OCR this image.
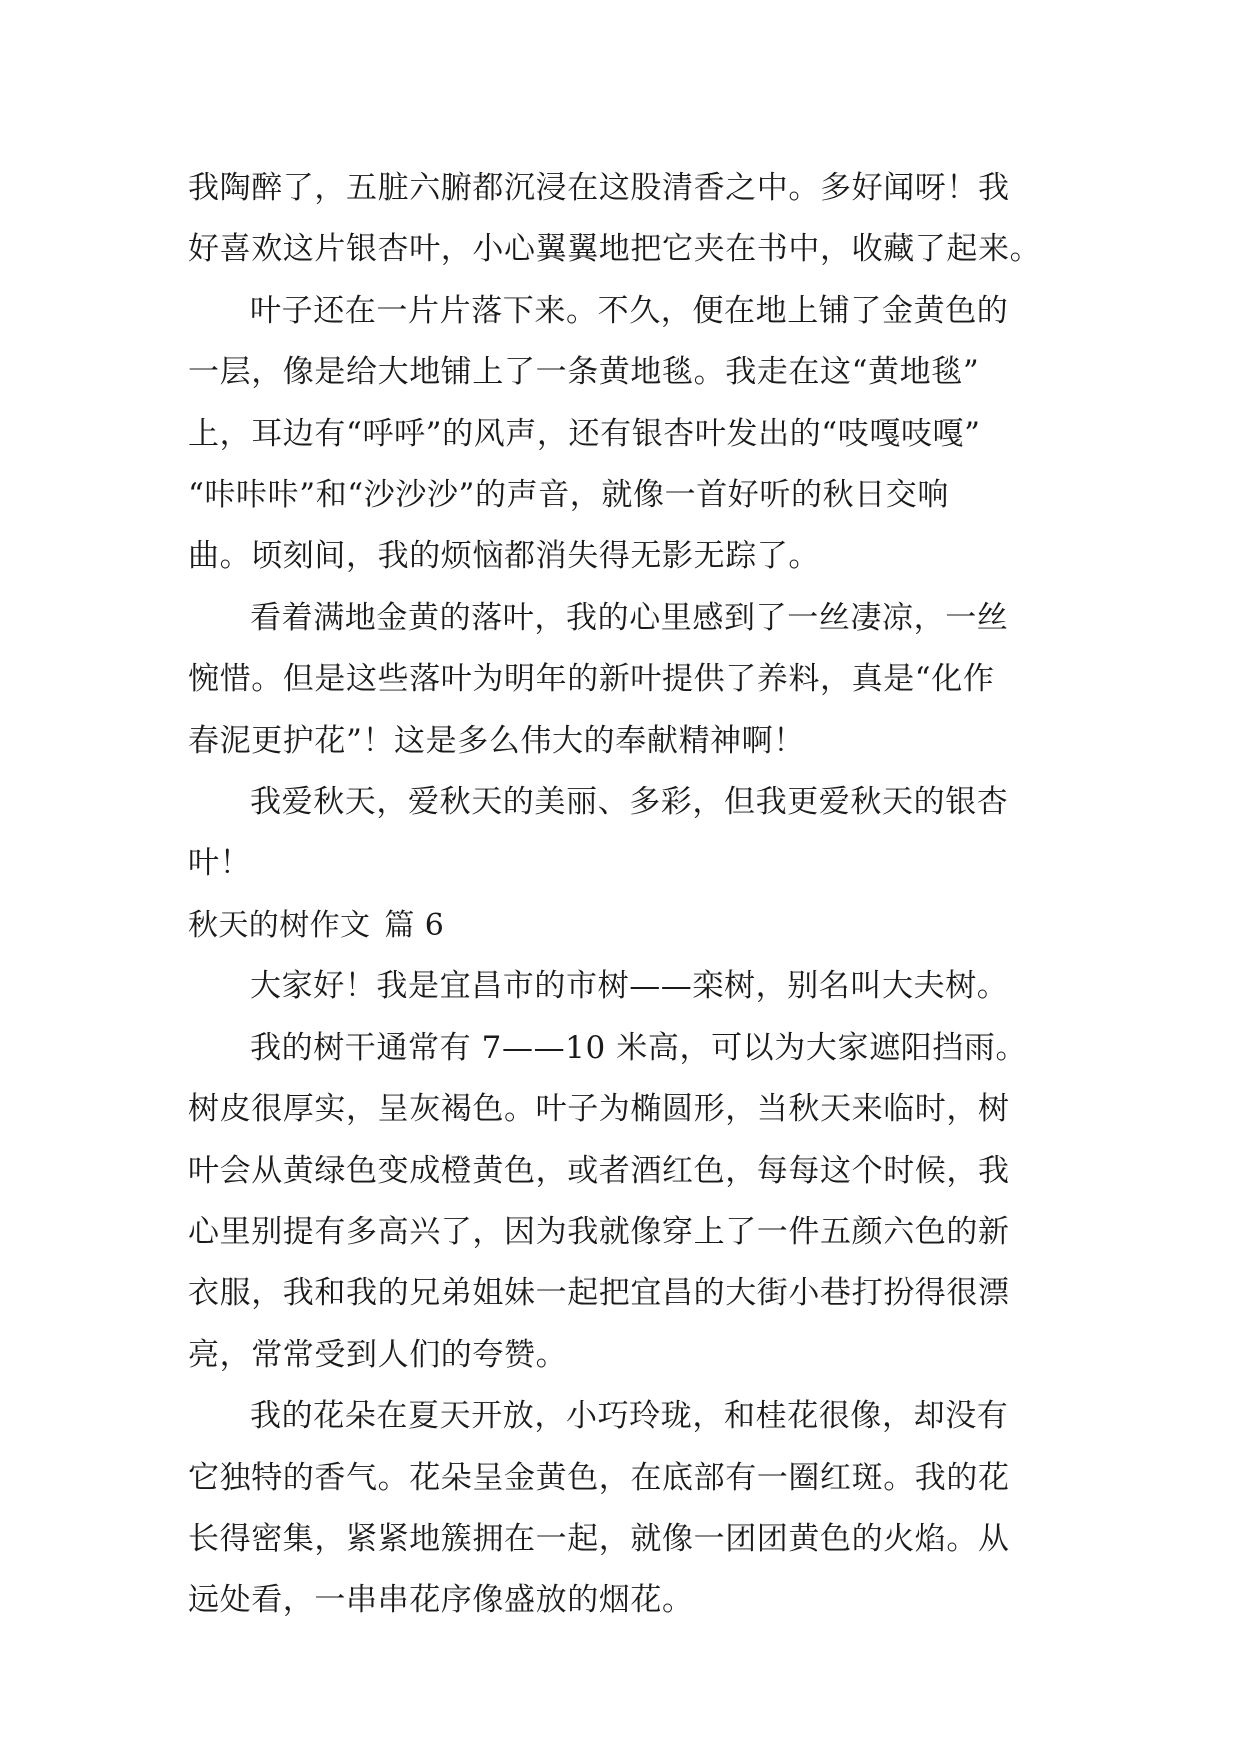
我陶醉了，五脏六腑都沉浸在这股清香之中。多好闻呀！我
好喜欢这片银杏叶，小心翼翼地把它夹在书中，收藏了起来。

叶子还在一片片落下来。不久，便在地上铺了金黄色的
一层，像是给大地铺上了一条黄地毯。我走在这“黄地毯”
上，耳边有“呼呼”的风声，还有银杏叶发出的“吱嘎吱嘎”
“咔咔咔”和“沙沙沙”的声音，就像一首好听的秋日交响
曲。顷刻间，我的烦恼都消失得无影无踪了。

看着满地金黄的落叶，我的心里感到了一丝凄凉，一丝
惋惜。但是这些落叶为明年的新叶提供了养料，真是“化作
春泥更护花”！这是多么伟大的奉献精神啊！

我爱秋天，爱秋天的美丽、多彩，但我更爱秋天的银杏
叶！

秋天的树作文 篇 6

大家好！我是宜昌市的市树——栾树，别名叫大夫树。

我的树干通常有 7——10 米高，可以为大家遮阳挡雨。
树皮很厚实，呈灰褐色。叶子为椭圆形，当秋天来临时，树
叶会从黄绿色变成橙黄色，或者酒红色，每每这个时候，我
心里别提有多高兴了，因为我就像穿上了一件五颜六色的新
衣服，我和我的兄弟姐妹一起把宜昌的大街小巷打扮得很漂
亮，常常受到人们的夸赞。

我的花朵在夏天开放，小巧玲珑，和桂花很像，却没有
它独特的香气。花朵呈金黄色，在底部有一圈红斑。我的花
长得密集，紧紧地簇拥在一起，就像一团团黄色的火焰。从
远处看，一串串花序像盛放的烟花。
